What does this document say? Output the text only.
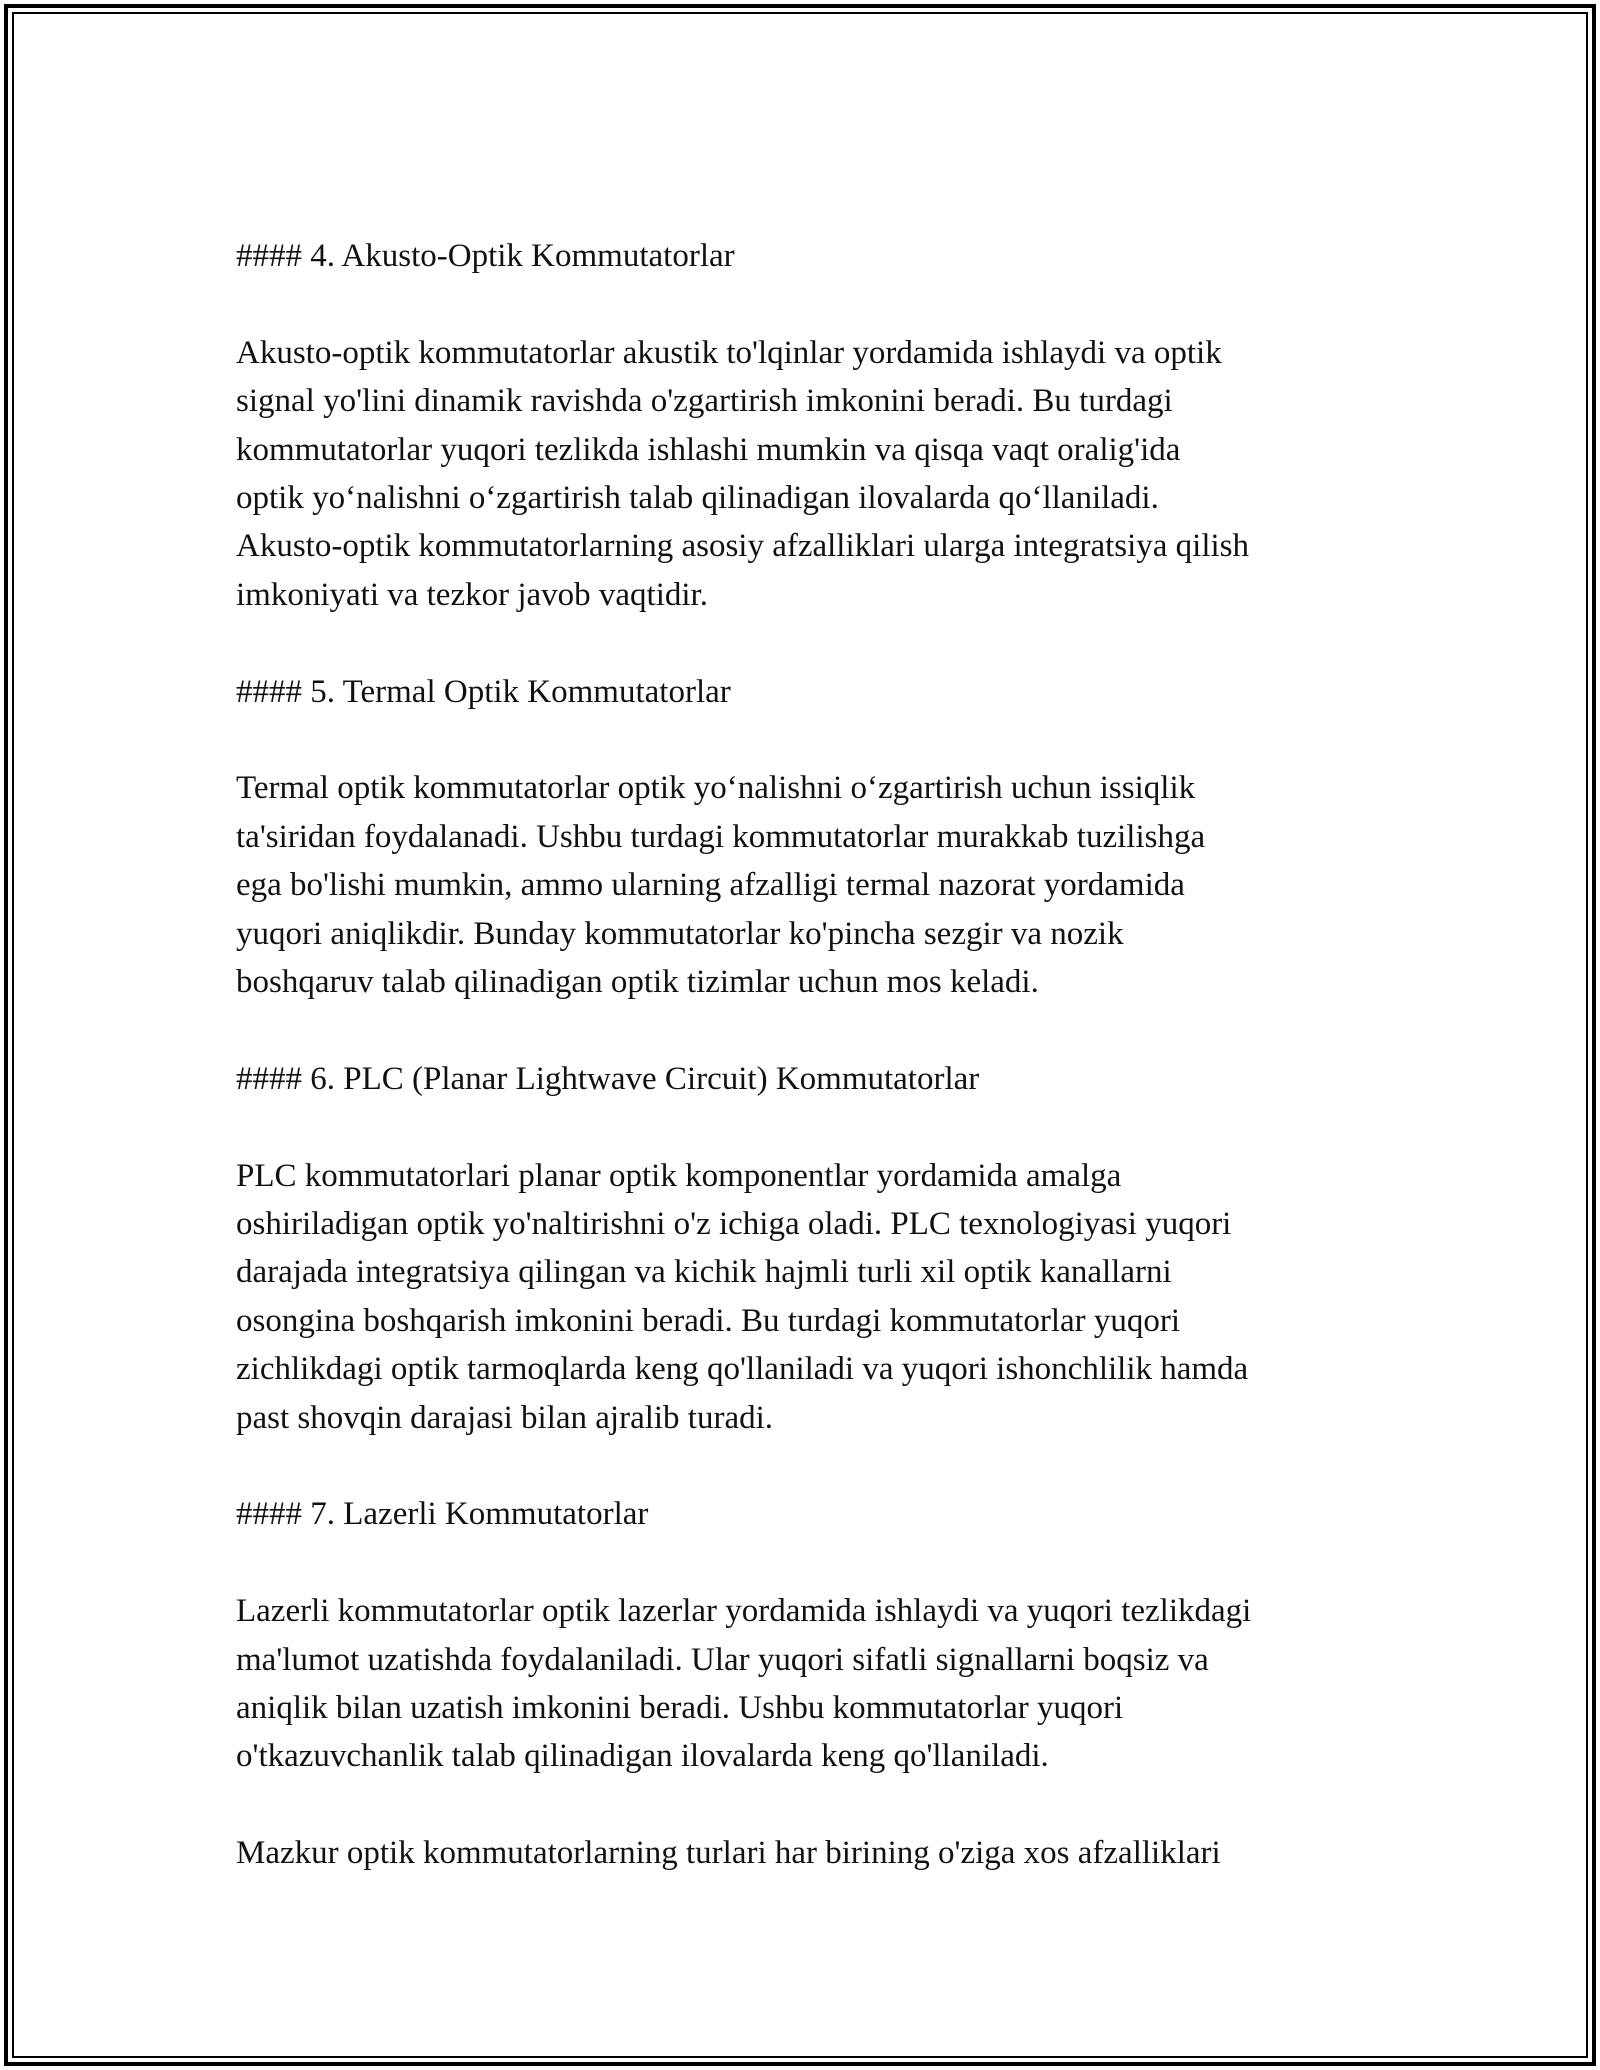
#### 4. Akusto-Optik Kommutatorlar

Akusto-optik kommutatorlar akustik to'lqinlar yordamida ishlaydi va optik

signal yo'lini dinamik ravishda o'zgartirish imkonini beradi. Bu turdagi

kommutatorlar yuqori tezlikda ishlashi mumkin va qisqa vaqt oralig'ida

optik yo‘nalishni o‘zgartirish talab qilinadigan ilovalarda qo‘llaniladi.

Akusto-optik kommutatorlarning asosiy afzalliklari ularga integratsiya qilish

imkoniyati va tezkor javob vaqtidir.

#### 5. Termal Optik Kommutatorlar

Termal optik kommutatorlar optik yo‘nalishni o‘zgartirish uchun issiqlik

ta'siridan foydalanadi. Ushbu turdagi kommutatorlar murakkab tuzilishga

ega bo'lishi mumkin, ammo ularning afzalligi termal nazorat yordamida

yuqori aniqlikdir. Bunday kommutatorlar ko'pincha sezgir va nozik

boshqaruv talab qilinadigan optik tizimlar uchun mos keladi.

#### 6. PLC (Planar Lightwave Circuit) Kommutatorlar

PLC kommutatorlari planar optik komponentlar yordamida amalga

oshiriladigan optik yo'naltirishni o'z ichiga oladi. PLC texnologiyasi yuqori

darajada integratsiya qilingan va kichik hajmli turli xil optik kanallarni

osongina boshqarish imkonini beradi. Bu turdagi kommutatorlar yuqori

zichlikdagi optik tarmoqlarda keng qo'llaniladi va yuqori ishonchlilik hamda

past shovqin darajasi bilan ajralib turadi.

#### 7. Lazerli Kommutatorlar

Lazerli kommutatorlar optik lazerlar yordamida ishlaydi va yuqori tezlikdagi

ma'lumot uzatishda foydalaniladi. Ular yuqori sifatli signallarni boqsiz va

aniqlik bilan uzatish imkonini beradi. Ushbu kommutatorlar yuqori

o'tkazuvchanlik talab qilinadigan ilovalarda keng qo'llaniladi.

Mazkur optik kommutatorlarning turlari har birining o'ziga xos afzalliklari
